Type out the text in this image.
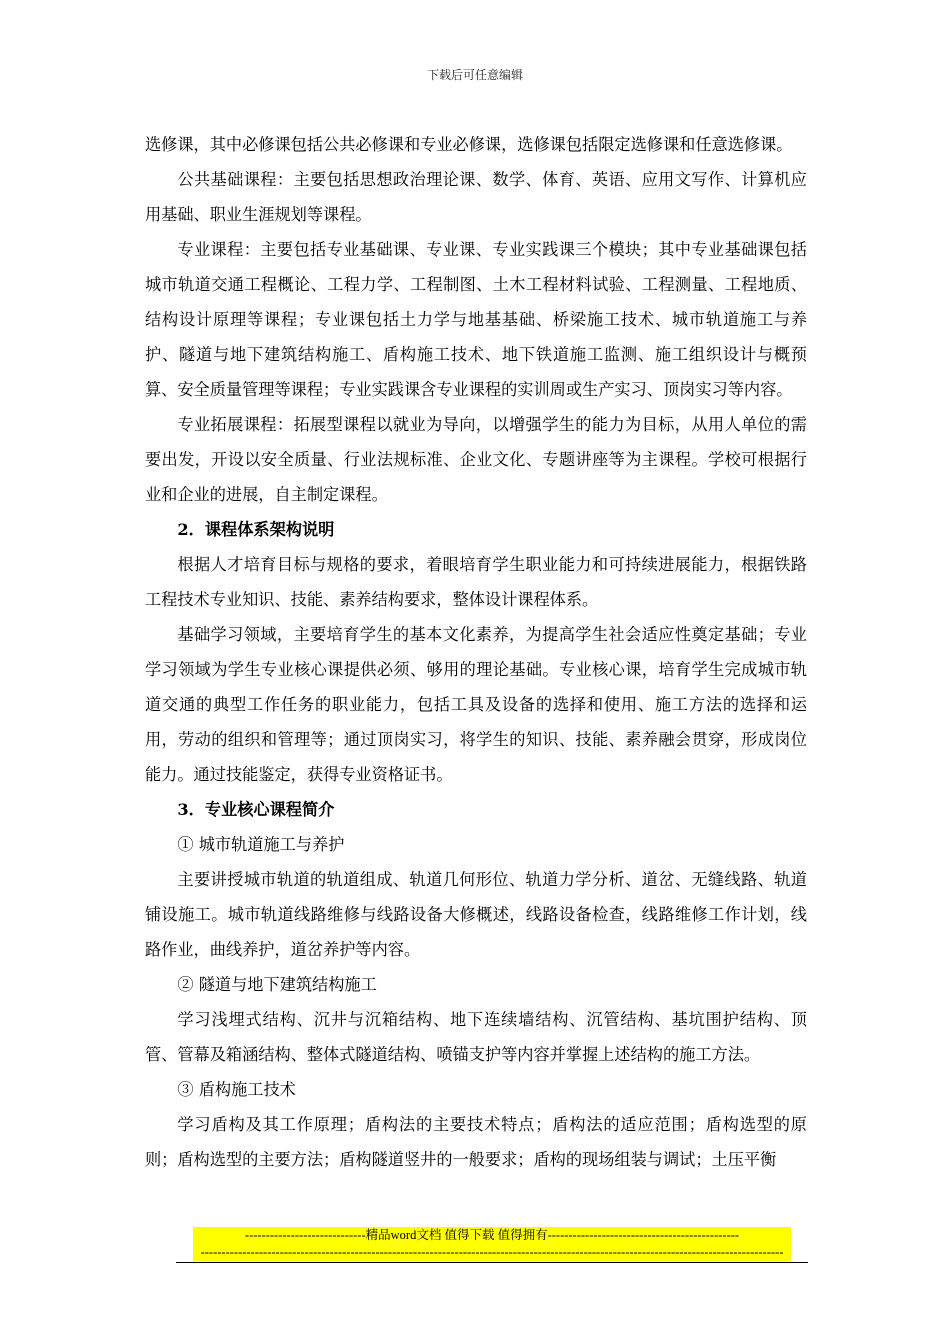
下载后可任意编辑

选修课，其中必修课包括公共必修课和专业必修课，选修课包括限定选修课和任意选修课。

公共基础课程：主要包括思想政治理论课、数学、体育、英语、应用文写作、计算机应用基础、职业生涯规划等课程。

专业课程：主要包括专业基础课、专业课、专业实践课三个模块；其中专业基础课包括城市轨道交通工程概论、工程力学、工程制图、土木工程材料试验、工程测量、工程地质、结构设计原理等课程；专业课包括土力学与地基基础、桥梁施工技术、城市轨道施工与养护、隧道与地下建筑结构施工、盾构施工技术、地下铁道施工监测、施工组织设计与概预算、安全质量管理等课程；专业实践课含专业课程的实训周或生产实习、顶岗实习等内容。

专业拓展课程：拓展型课程以就业为导向，以增强学生的能力为目标，从用人单位的需要出发，开设以安全质量、行业法规标准、企业文化、专题讲座等为主课程。学校可根据行业和企业的进展，自主制定课程。

2．课程体系架构说明

根据人才培育目标与规格的要求，着眼培育学生职业能力和可持续进展能力，根据铁路工程技术专业知识、技能、素养结构要求，整体设计课程体系。

基础学习领域，主要培育学生的基本文化素养，为提高学生社会适应性奠定基础；专业学习领域为学生专业核心课提供必须、够用的理论基础。专业核心课，培育学生完成城市轨道交通的典型工作任务的职业能力，包括工具及设备的选择和使用、施工方法的选择和运用，劳动的组织和管理等；通过顶岗实习，将学生的知识、技能、素养融会贯穿，形成岗位能力。通过技能鉴定，获得专业资格证书。

3．专业核心课程简介

① 城市轨道施工与养护

主要讲授城市轨道的轨道组成、轨道几何形位、轨道力学分析、道岔、无缝线路、轨道铺设施工。城市轨道线路维修与线路设备大修概述，线路设备检查，线路维修工作计划，线路作业，曲线养护，道岔养护等内容。

② 隧道与地下建筑结构施工

学习浅埋式结构、沉井与沉箱结构、地下连续墙结构、沉管结构、基坑围护结构、顶管、管幕及箱涵结构、整体式隧道结构、喷锚支护等内容并掌握上述结构的施工方法。

③ 盾构施工技术

学习盾构及其工作原理；盾构法的主要技术特点；盾构法的适应范围；盾构选型的原则；盾构选型的主要方法；盾构隧道竖井的一般要求；盾构的现场组装与调试；土压平衡

-----------------------------精品word文档 值得下载 值得拥有----------------------------------------------
--------------------------------------------------------------------------------------------------------------------------------------------
